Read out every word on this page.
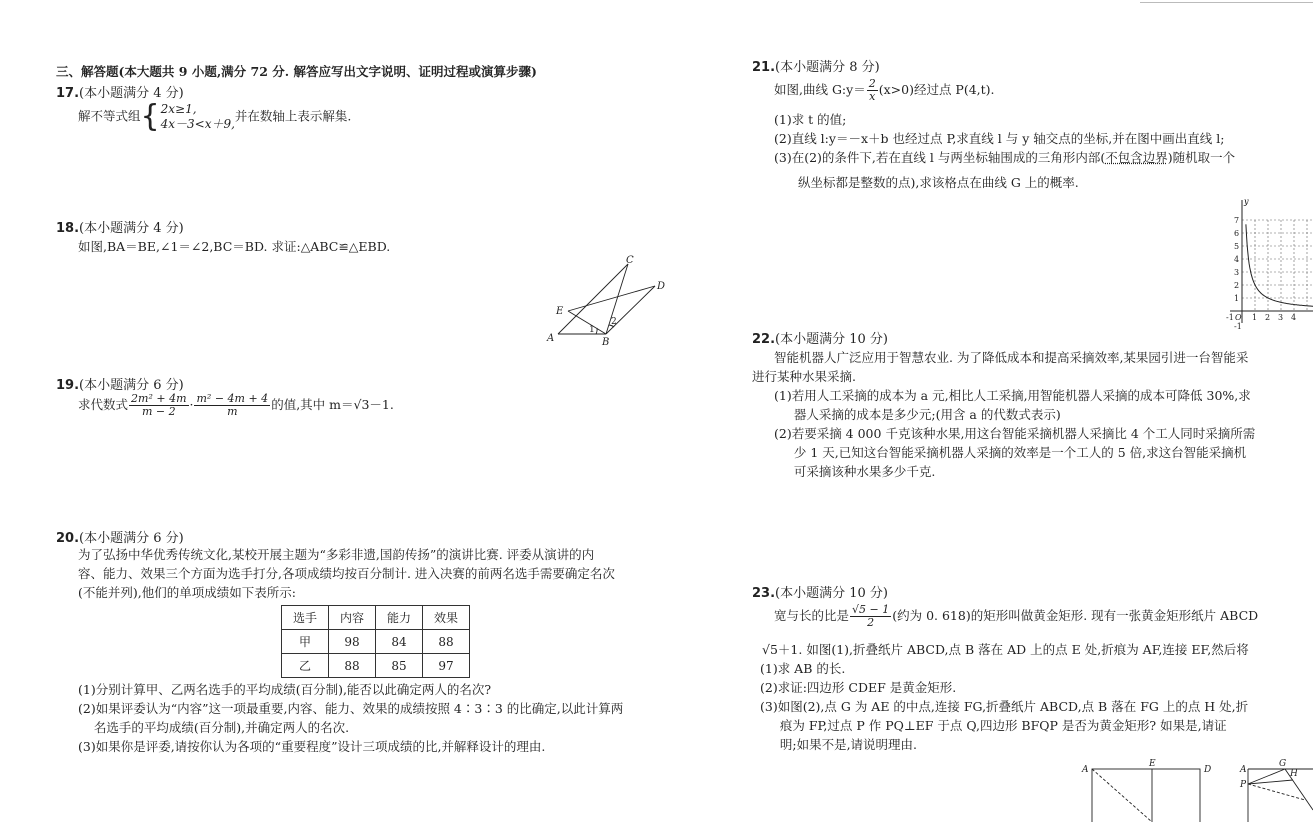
三、解答题(本大题共 9 小题,满分 72 分. 解答应写出文字说明、证明过程或演算步骤)
17.(本小题满分 4 分)
解不等式组 { 2x≥1,
4x－3<x＋9,
并在数轴上表示解集.
18.(本小题满分 4 分)
如图,BA＝BE,∠1＝∠2,BC＝BD. 求证:△ABC≌△EBD.
A	B
C
D
E
1
2
19.(本小题满分 6 分)
求代数式 $\frac{\text{2m² + 4m}}{m - 2} \cdot \frac{\text{m² − 4m + 4}}{m}$ 的值,其中 m＝√3－1.
20.(本小题满分 6 分)
为了弘扬中华优秀传统文化,某校开展主题为“多彩非遗,国韵传扬”的演讲比赛. 评委从演讲的内
容、能力、效果三个方面为选手打分,各项成绩均按百分制计. 进入决赛的前两名选手需要确定名次
(不能并列),他们的单项成绩如下表所示:
选手	内容	能力	效果
甲	98	84	88
乙	88	85	97
(1)分别计算甲、乙两名选手的平均成绩(百分制),能否以此确定两人的名次?
(2)如果评委认为“内容”这一项最重要,内容、能力、效果的成绩按照 4∶3∶3 的比确定,以此计算两
名选手的平均成绩(百分制),并确定两人的名次.
(3)如果你是评委,请按你认为各项的“重要程度”设计三项成绩的比,并解释设计的理由.
21.(本小题满分 8 分)
如图,曲线 G:y＝ $\frac{2}{x} (x>0)$经过点 P(4,t).
(1)求 t 的值;
(2)直线 l:y＝－x＋b 也经过点 P,求直线 l 与 y 轴交点的坐标,并在图中画出直线 l;
(3)在(2)的条件下,若在直线 l 与两坐标轴围成的三角形内部(不包含边界)随机取一个
纵坐标都是整数的点),求该格点在曲线 G 上的概率.
7
6
5
4
3
2
1
-1 O 1 2 3 4
-1
y
22.(本小题满分 10 分)
智能机器人广泛应用于智慧农业. 为了降低成本和提高采摘效率,某果园引进一台智能采
进行某种水果采摘.
(1)若用人工采摘的成本为 a 元,相比人工采摘,用智能机器人采摘的成本可降低 30%,求
器人采摘的成本是多少元;(用含 a 的代数式表示)
(2)若要采摘 4 000 千克该种水果,用这台智能采摘机器人采摘比 4 个工人同时采摘所需
少 1 天,已知这台智能采摘机器人采摘的效率是一个工人的 5 倍,求这台智能采摘机
可采摘该种水果多少千克.
23.(本小题满分 10 分)
宽与长的比是 $\frac{√5 - 1}{2}$ (约为 0. 618)的矩形叫做黄金矩形. 现有一张黄金矩形纸片 ABCD
√5＋1. 如图(1),折叠纸片 ABCD,点 B 落在 AD 上的点 E 处,折痕为 AF,连接 EF,然后将
(1)求 AB 的长.
(2)求证:四边形 CDEF 是黄金矩形.
(3)如图(2),点 G 为 AE 的中点,连接 FG,折叠纸片 ABCD,点 B 落在 FG 上的点 H 处,折
痕为 FP,过点 P 作 PQ⊥EF 于点 Q,四边形 BFQP 是否为黄金矩形? 如果是,请证
明;如果不是,请说明理由.
A
E
D	A
G
H
P
